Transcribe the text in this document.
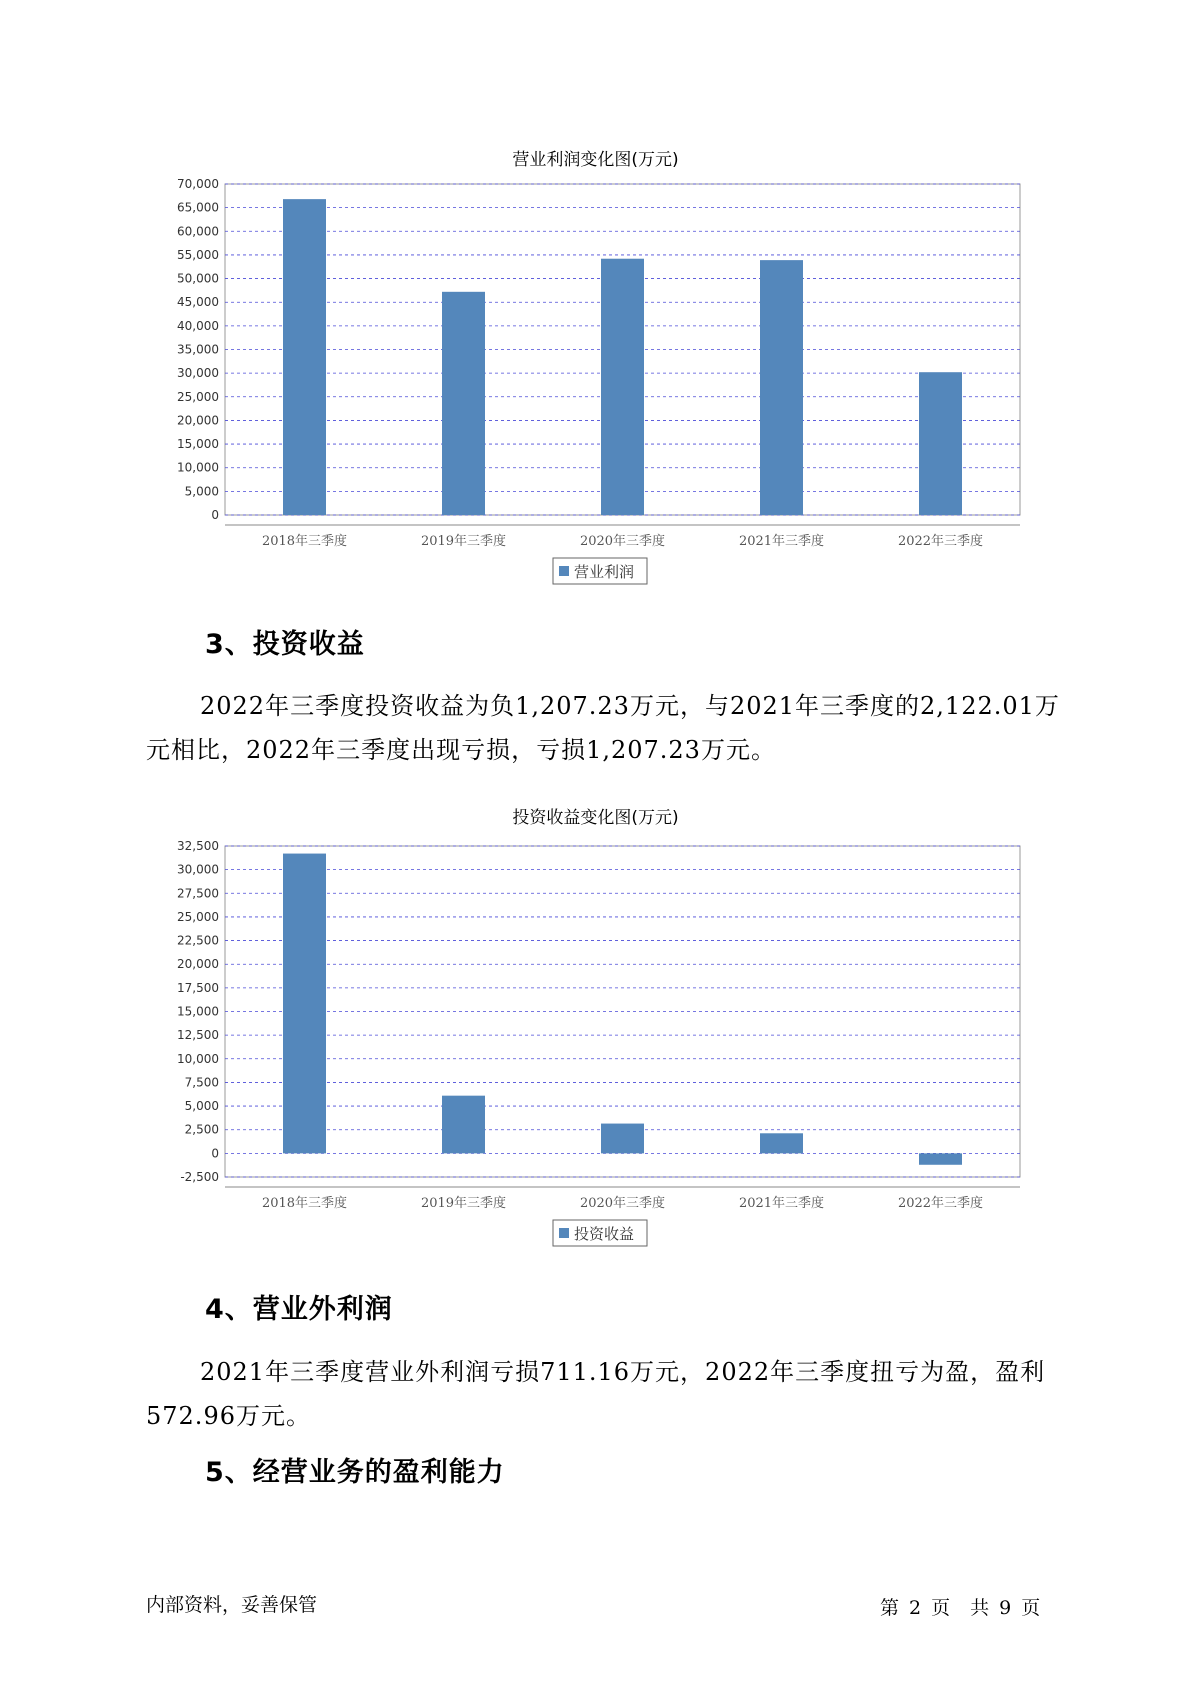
营业利润变化图(万元)
0
5,000
10,000
15,000
20,000
25,000
30,000
35,000
40,000
45,000
50,000
55,000
60,000
65,000
70,000
2018年三季度	2019年三季度	2020年三季度	2021年三季度	2022年三季度
营业利润
3、投资收益
2022年三季度投资收益为负1,207.23万元，与2021年三季度的2,122.01万元相比，2022年三季度出现亏损，亏损1,207.23万元。
投资收益变化图(万元)
-2,500
0
2,500
5,000
7,500
10,000
12,500
15,000
17,500
20,000
22,500
25,000
27,500
30,000
32,500
2018年三季度	2019年三季度	2020年三季度	2021年三季度	2022年三季度
投资收益
4、营业外利润
2021年三季度营业外利润亏损711.16万元，2022年三季度扭亏为盈，盈利572.96万元。
5、经营业务的盈利能力
内部资料，妥善保管	第 2 页 共 9 页
